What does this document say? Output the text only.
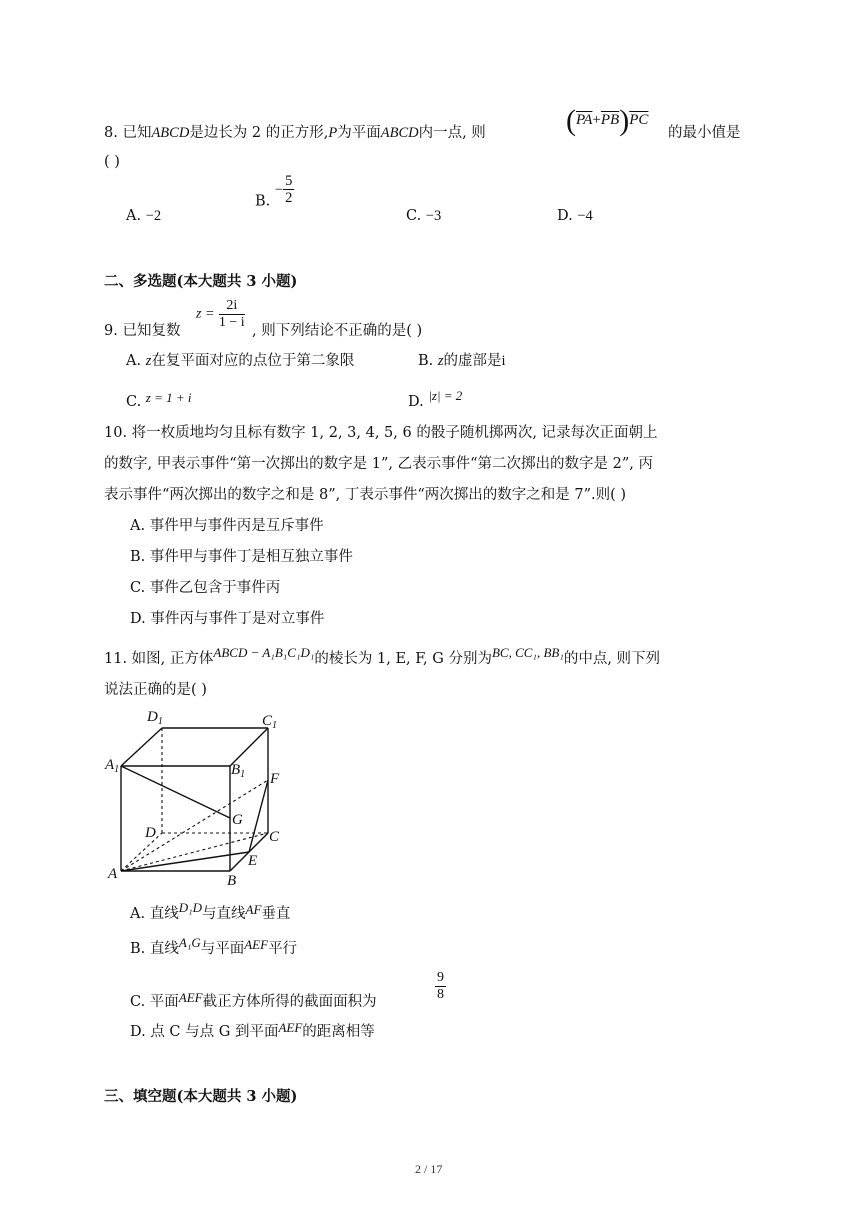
8. 已知ABCD是边长为 2 的正方形,P为平面ABCD内一点, 则	$(\overline{PA}+\overline{PB})\overline{PC}$
的最小值是
( )
A. −2
B. − $\frac{5}{2}$
C. −3	D. −4
二、多选题(本大题共 3 小题)
9. 已知复数
$z = \frac{2i}{1 - i}$ , 则下列结论不正确的是( )
A. z在复平面对应的点位于第二象限	B. z的虚部是i
C. z = 1 + i	D. |z| = 2
10. 将一枚质地均匀且标有数字 1, 2, 3, 4, 5, 6 的骰子随机掷两次, 记录每次正面朝上
的数字, 甲表示事件“第一次掷出的数字是 1”, 乙表示事件“第二次掷出的数字是 2”, 丙
表示事件“两次掷出的数字之和是 8”, 丁表示事件“两次掷出的数字之和是 7”.则( )
A. 事件甲与事件丙是互斥事件
B. 事件甲与事件丁是相互独立事件
C. 事件乙包含于事件丙
D. 事件丙与事件丁是对立事件
11. 如图, 正方体ABCD − A₁B₁C₁D₁的棱长为 1, E, F, G 分别为BC, CC₁, BB₁的中点, 则下列
说法正确的是( )
$D_1$	$C_1$
$A_1$	$B_1$ F
G
D	C
E
A	B
A. 直线D₁D与直线AF垂直
B. 直线A₁G与平面AEF平行
C. 平面AEF截正方体所得的截面面积为	$\frac{9}{8}$
D. 点 C 与点 G 到平面AEF的距离相等
三、填空题(本大题共 3 小题)
2 / 17
